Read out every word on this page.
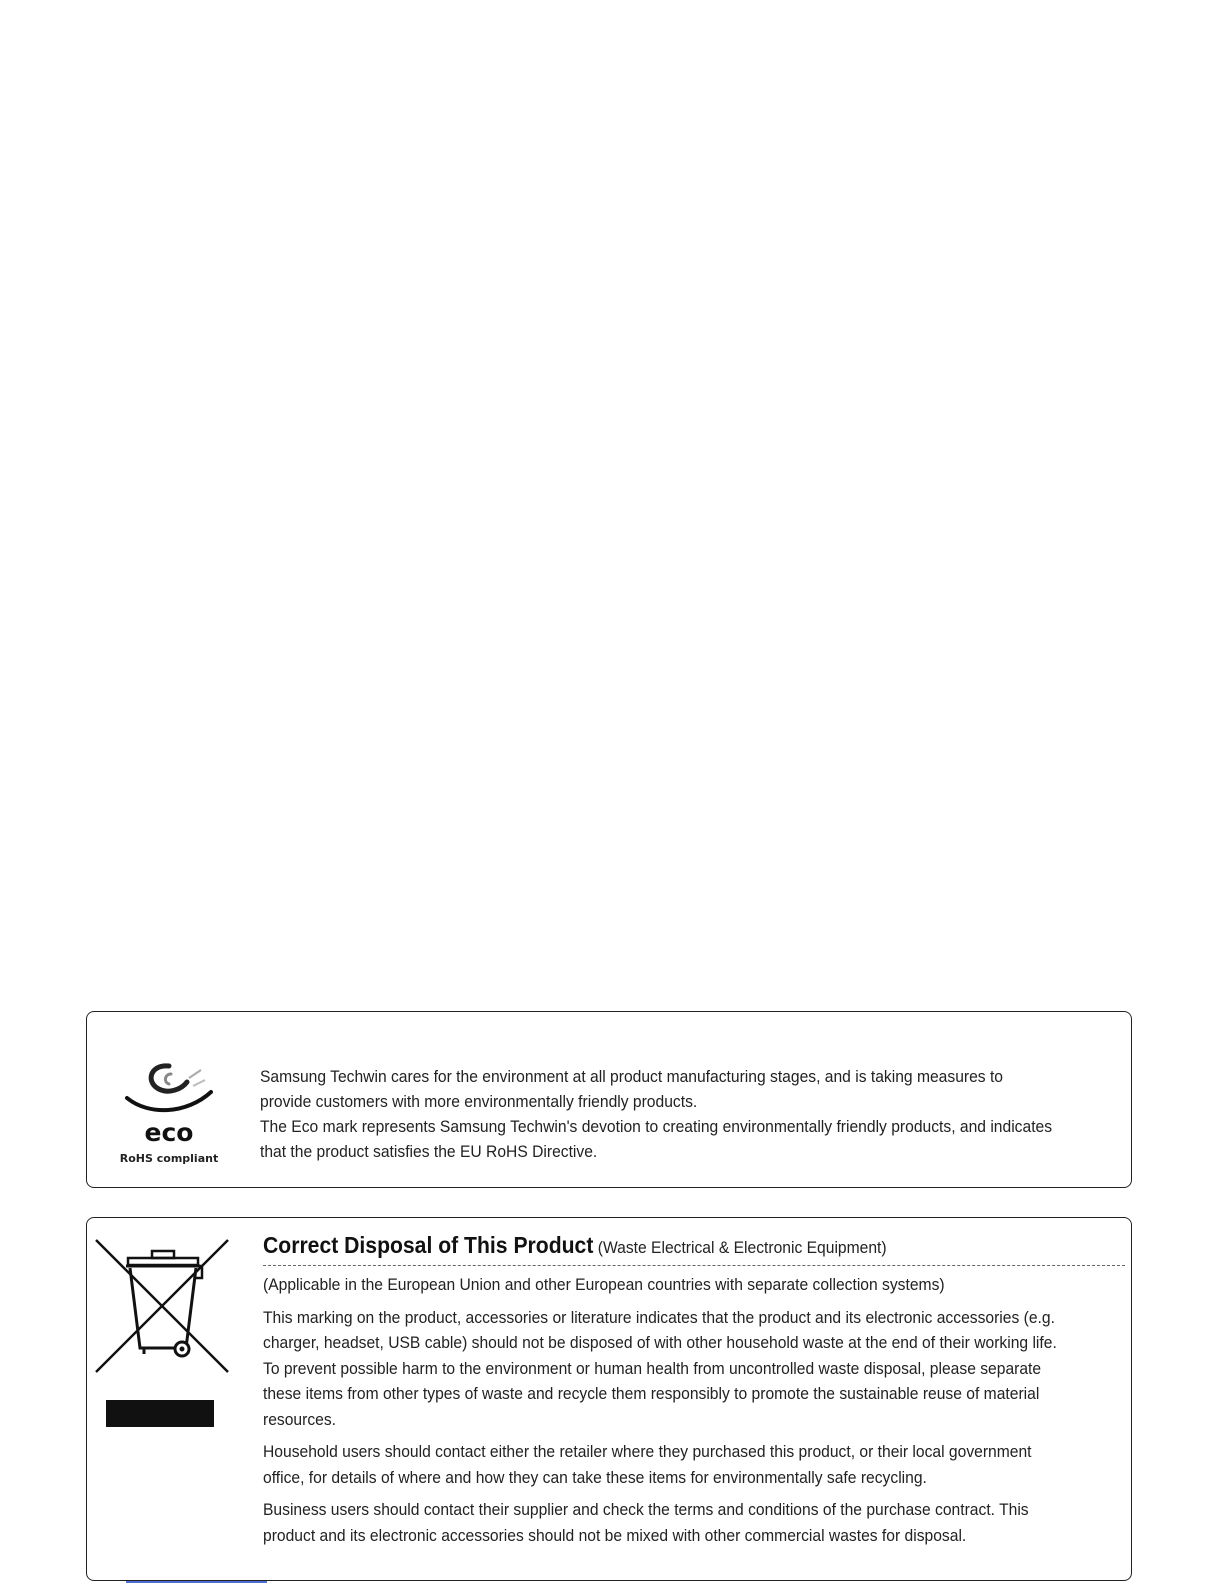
eco
RoHS compliant
Samsung Techwin cares for the environment at all product manufacturing stages, and is taking measures to
provide customers with more environmentally friendly products.
The Eco mark represents Samsung Techwin's devotion to creating environmentally friendly products, and indicates
that the product satisfies the EU RoHS Directive.
Correct Disposal of This Product (Waste Electrical & Electronic Equipment)
(Applicable in the European Union and other European countries with separate collection systems)
This marking on the product, accessories or literature indicates that the product and its electronic accessories (e.g.
charger, headset, USB cable) should not be disposed of with other household waste at the end of their working life.
To prevent possible harm to the environment or human health from uncontrolled waste disposal, please separate
these items from other types of waste and recycle them responsibly to promote the sustainable reuse of material
resources.
Household users should contact either the retailer where they purchased this product, or their local government
office, for details of where and how they can take these items for environmentally safe recycling.
Business users should contact their supplier and check the terms and conditions of the purchase contract. This
product and its electronic accessories should not be mixed with other commercial wastes for disposal.
